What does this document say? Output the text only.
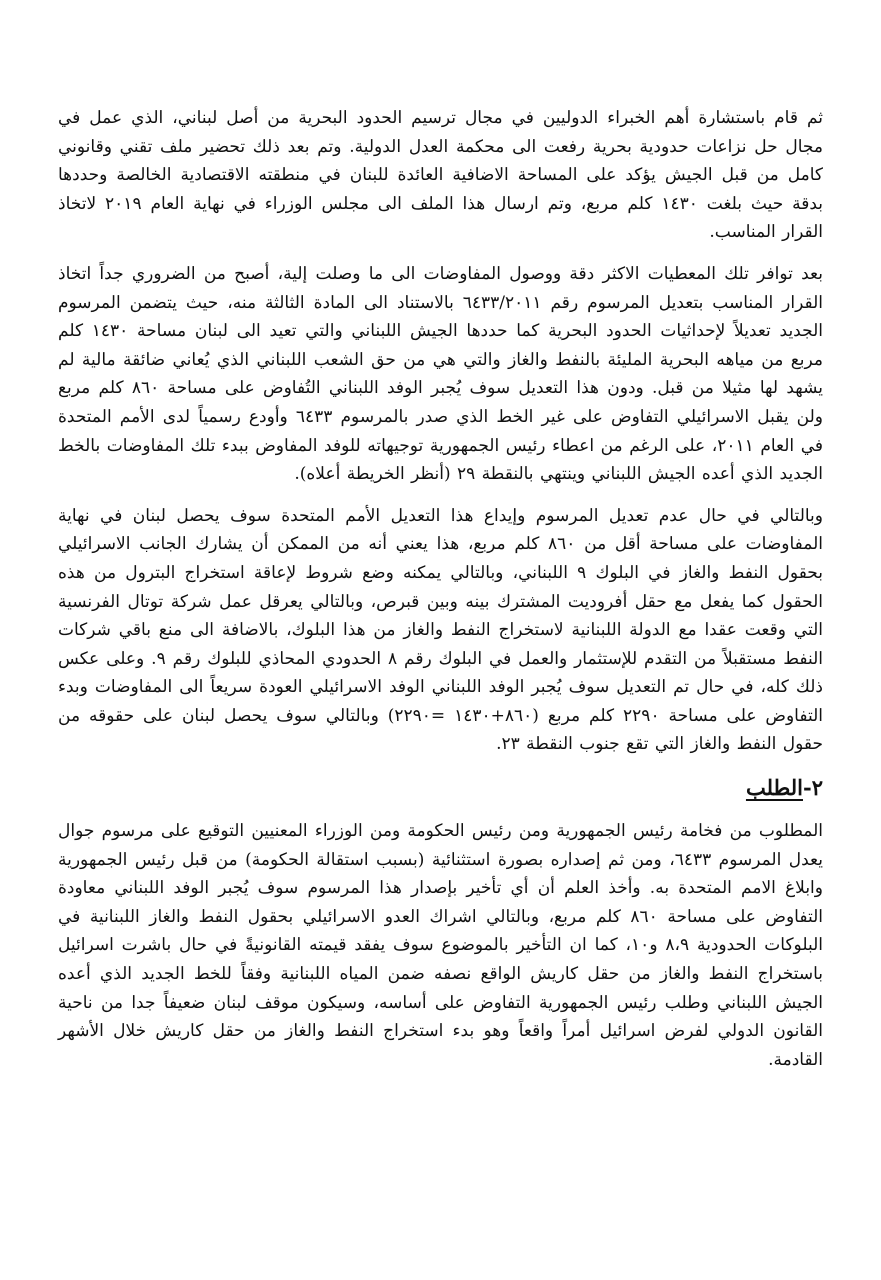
ثم قام باستشارة أهم الخبراء الدوليين في مجال ترسيم الحدود البحرية من أصل لبناني، الذي عمل في مجال حل نزاعات حدودية بحرية رفعت الى محكمة العدل الدولية. وتم بعد ذلك تحضير ملف تقني وقانوني كامل من قبل الجيش يؤكد على المساحة الاضافية العائدة للبنان في منطقته الاقتصادية الخالصة وحددها بدقة حيث بلغت ١٤٣٠ كلم مربع، وتم ارسال هذا الملف الى مجلس الوزراء في نهاية العام ٢٠١٩ لاتخاذ القرار المناسب.

بعد توافر تلك المعطيات الاكثر دقة ووصول المفاوضات الى ما وصلت إلية، أصبح من الضروري جداً اتخاذ القرار المناسب بتعديل المرسوم رقم ٦٤٣٣/٢٠١١ بالاستناد الى المادة الثالثة منه، حيث يتضمن المرسوم الجديد تعديلاً لإحداثيات الحدود البحرية كما حددها الجيش اللبناني والتي تعيد الى لبنان مساحة ١٤٣٠ كلم مربع من مياهه البحرية المليئة بالنفط والغاز والتي هي من حق الشعب اللبناني الذي يُعاني ضائقة مالية لم يشهد لها مثيلا من قبل. ودون هذا التعديل سوف يُجبر الوفد اللبناني التُفاوض على مساحة ٨٦٠ كلم مربع ولن يقبل الاسرائيلي التفاوض على غير الخط الذي صدر بالمرسوم ٦٤٣٣ وأودع رسمياً لدى الأمم المتحدة في العام ٢٠١١، على الرغم من اعطاء رئيس الجمهورية توجيهاته للوفد المفاوض ببدء تلك المفاوضات بالخط الجديد الذي أعده الجيش اللبناني وينتهي بالنقطة ٢٩ (أنظر الخريطة أعلاه).

وبالتالي في حال عدم تعديل المرسوم وإيداع هذا التعديل الأمم المتحدة سوف يحصل لبنان في نهاية المفاوضات على مساحة أقل من ٨٦٠ كلم مربع، هذا يعني أنه من الممكن أن يشارك الجانب الاسرائيلي بحقول النفط والغاز في البلوك ٩ اللبناني، وبالتالي يمكنه وضع شروط لإعاقة استخراج البترول من هذه الحقول كما يفعل مع حقل أفروديت المشترك بينه وبين قبرص، وبالتالي يعرقل عمل شركة توتال الفرنسية التي وقعت عقدا مع الدولة اللبنانية لاستخراج النفط والغاز من هذا البلوك، بالاضافة الى منع باقي شركات النفط مستقبلاً من التقدم للإستثمار والعمل في البلوك رقم ٨ الحدودي المحاذي للبلوك رقم ٩. وعلى عكس ذلك كله، في حال تم التعديل سوف يُجبر الوفد اللبناني الوفد الاسرائيلي العودة سريعاً الى المفاوضات وبدء التفاوض على مساحة ٢٢٩٠ كلم مربع (٨٦٠+١٤٣٠ =٢٢٩٠) وبالتالي سوف يحصل لبنان على حقوقه من حقول النفط والغاز التي تقع جنوب النقطة ٢٣.

٢-الطلب

المطلوب من فخامة رئيس الجمهورية ومن رئيس الحكومة ومن الوزراء المعنيين التوقيع على مرسوم جوال يعدل المرسوم ٦٤٣٣، ومن ثم إصداره بصورة استثنائية (بسبب استقالة الحكومة) من قبل رئيس الجمهورية وابلاغ الامم المتحدة به. وأخذ العلم أن أي تأخير بإصدار هذا المرسوم سوف يُجبر الوفد اللبناني معاودة التفاوض على مساحة ٨٦٠ كلم مربع، وبالتالي اشراك العدو الاسرائيلي بحقول النفط والغاز اللبنانية في البلوكات الحدودية ٨،٩ و١٠، كما ان التأخير بالموضوع سوف يفقد قيمته القانونيةً في حال باشرت اسرائيل باستخراج النفط والغاز من حقل كاريش الواقع نصفه ضمن المياه اللبنانية وفقاً للخط الجديد الذي أعده الجيش اللبناني وطلب رئيس الجمهورية التفاوض على أساسه، وسيكون موقف لبنان ضعيفاً جدا من ناحية القانون الدولي لفرض اسرائيل أمراً واقعاً وهو بدء استخراج النفط والغاز من حقل كاريش خلال الأشهر القادمة.
